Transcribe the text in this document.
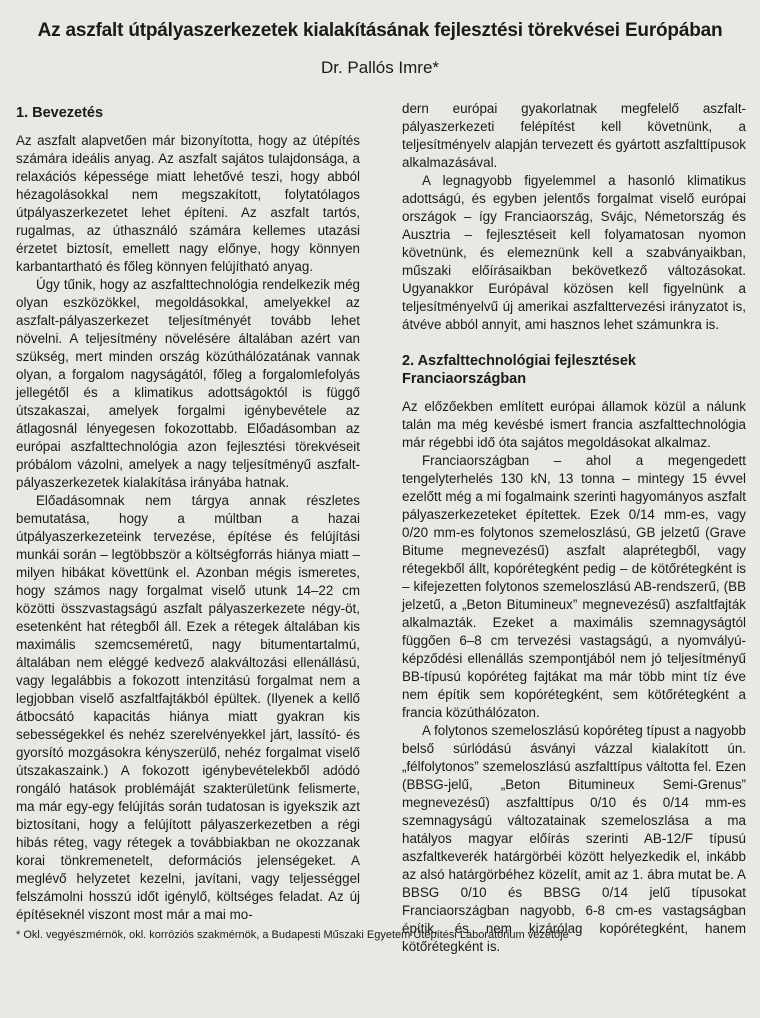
Az aszfalt útpályaszerkezetek kialakításának fejlesztési törekvései Európában
Dr. Pallós Imre*
1. Bevezetés

Az aszfalt alapvetően már bizonyította, hogy az útépítés számára ideális anyag. Az aszfalt sajátos tulajdonsága, a relaxációs képessége miatt lehetővé teszi, hogy abból hézagolásokkal nem megszakított, folytatólagos útpályaszerkezetet lehet építeni. Az aszfalt tartós, rugalmas, az úthasználó számára kellemes utazási érzetet biztosít, emellett nagy előnye, hogy könnyen karbantartható és főleg könnyen felújítható anyag.

Úgy tűnik, hogy az aszfalttechnológia rendelkezik még olyan eszközökkel, megoldásokkal, amelyekkel az aszfalt-pályaszerkezet teljesítményét tovább lehet növelni. A teljesítmény növelésére általában azért van szükség, mert minden ország közúthálózatának vannak olyan, a forgalom nagyságától, főleg a forgalomlefolyás jellegétől és a klimatikus adottságoktól is függő útszakaszai, amelyek forgalmi igénybevétele az átlagosnál lényegesen fokozottabb. Előadásomban az európai aszfalttechnológia azon fejlesztési törekvéseit próbálom vázolni, amelyek a nagy teljesítményű aszfalt-pályaszerkezetek kialakítása irányába hatnak.

Előadásomnak nem tárgya annak részletes bemutatása, hogy a múltban a hazai útpályaszerkezeteink tervezése, építése és felújítási munkái során – legtöbbször a költségforrás hiánya miatt – milyen hibákat követtünk el. Azonban mégis ismeretes, hogy számos nagy forgalmat viselő utunk 14–22 cm közötti összvastagságú aszfalt pályaszerkezete négy-öt, esetenként hat rétegből áll. Ezek a rétegek általában kis maximális szemcseméretű, nagy bitumentartalmú, általában nem eléggé kedvező alakváltozási ellenállású, vagy legalábbis a fokozott intenzitású forgalmat nem a legjobban viselő aszfaltfajtákból épültek. (Ilyenek a kellő átbocsátó kapacitás hiánya miatt gyakran kis sebességekkel és nehéz szerelvényekkel járt, lassító- és gyorsító mozgásokra kényszerülő, nehéz forgalmat viselő útszakaszaink.) A fokozott igénybevételekből adódó rongáló hatások problémáját szakterületünk felismerte, ma már egy-egy felújítás során tudatosan is igyekszik azt biztosítani, hogy a felújított pályaszerkezetben a régi hibás réteg, vagy rétegek a továbbiakban ne okozzanak korai tönkremenetelt, deformációs jelenségeket. A meglévő helyzetet kezelni, javítani, vagy teljességgel felszámolni hosszú időt igénylő, költséges feladat. Az új építéseknél viszont most már a mai mo-

dern európai gyakorlatnak megfelelő aszfalt-pályaszerkezeti felépítést kell követnünk, a teljesítményelv alapján tervezett és gyártott aszfalttípusok alkalmazásával.

A legnagyobb figyelemmel a hasonló klimatikus adottságú, és egyben jelentős forgalmat viselő európai országok – így Franciaország, Svájc, Németország és Ausztria – fejlesztéseit kell folyamatosan nyomon követnünk, és elemeznünk kell a szabványaikban, műszaki előírásaikban bekövetkező változásokat. Ugyanakkor Európával közösen kell figyelnünk a teljesítményelvű új amerikai aszfalttervezési irányzatot is, átvéve abból annyit, ami hasznos lehet számunkra is.

2. Aszfalttechnológiai fejlesztések Franciaországban

Az előzőekben említett európai államok közül a nálunk talán ma még kevésbé ismert francia aszfalttechnológia már régebbi idő óta sajátos megoldásokat alkalmaz.

Franciaországban – ahol a megengedett tengelyterhelés 130 kN, 13 tonna – mintegy 15 évvel ezelőtt még a mi fogalmaink szerinti hagyományos aszfalt pályaszerkezeteket építettek. Ezek 0/14 mm-es, vagy 0/20 mm-es folytonos szemeloszlású, GB jelzetű (Grave Bitume megnevezésű) aszfalt alaprétegből, vagy rétegekből állt, kopórétegként pedig – de kötőrétegként is – kifejezetten folytonos szemeloszlású AB-rendszerű, (BB jelzetű, a „Beton Bitumineux” megnevezésű) aszfaltfajták alkalmazták. Ezeket a maximális szemnagyságtól függően 6–8 cm tervezési vastagságú, a nyomvályú-képződési ellenállás szempontjából nem jó teljesítményű BB-típusú kopóréteg fajtákat ma már több mint tíz éve nem építik sem kopórétegként, sem kötőrétegként a francia közúthálózaton.

A folytonos szemeloszlású kopóréteg típust a nagyobb belső súrlódású ásványi vázzal kialakított ún. „félfolytonos” szemeloszlású aszfalttípus váltotta fel. Ezen (BBSG-jelű, „Beton Bitumineux Semi-Grenus” megnevezésű) aszfalttípus 0/10 és 0/14 mm-es szemnagyságú változatainak szemeloszlása a ma hatályos magyar előírás szerinti AB-12/F típusú aszfaltkeverék határgörbéi között helyezkedik el, inkább az alsó határgörbéhez közelít, amit az 1. ábra mutat be. A BBSG 0/10 és BBSG 0/14 jelű típusokat Franciaországban nagyobb, 6-8 cm-es vastagságban építik, és nem kizárólag kopórétegként, hanem kötőrétegként is.

* Okl. vegyészmérnök, okl. korróziós szakmérnök, a Budapesti Műszaki Egyetem Útépítési Laboratórium vezetője
